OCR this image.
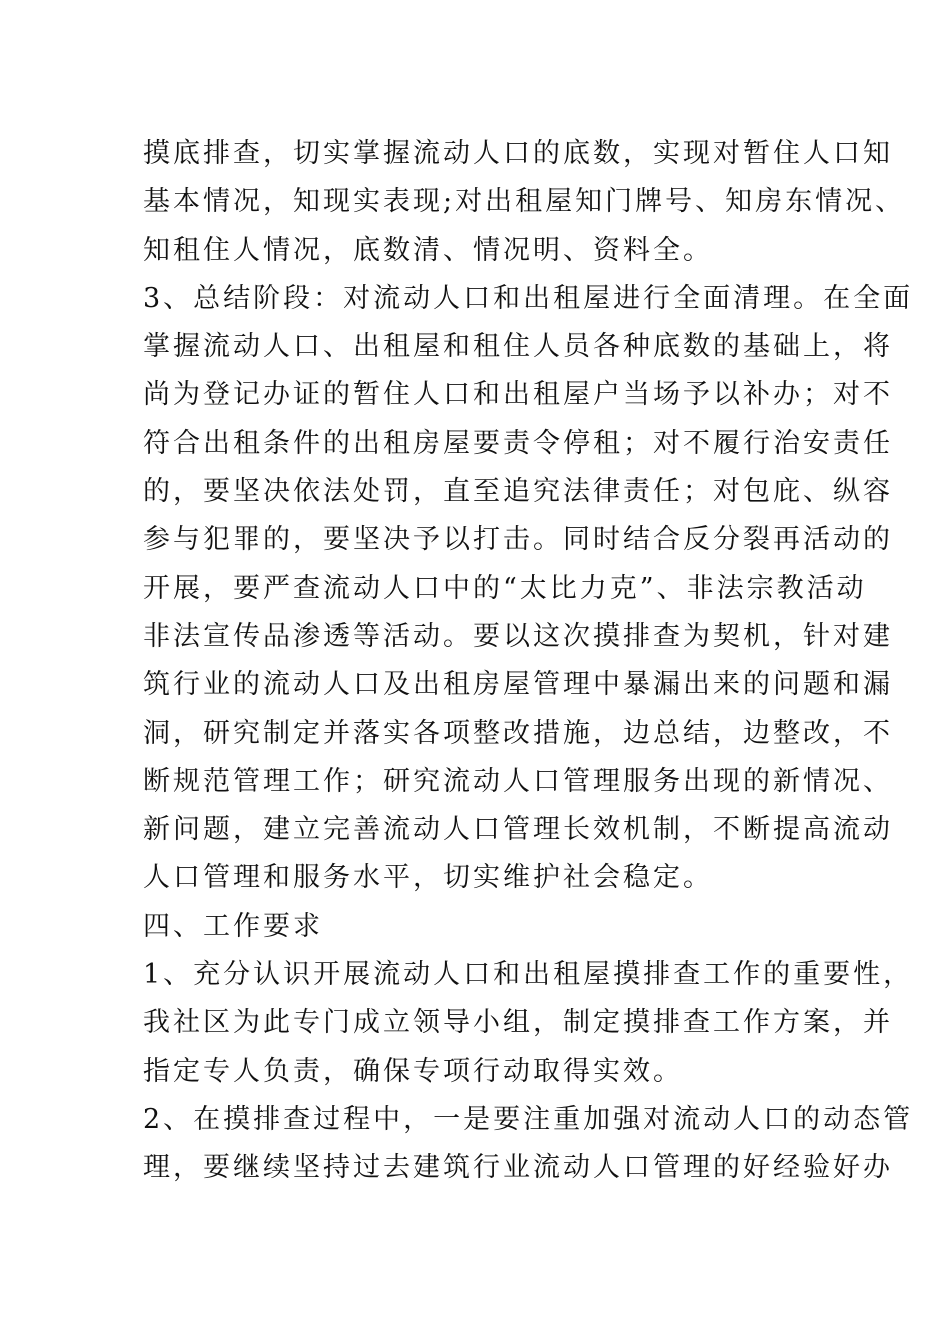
摸底排查，切实掌握流动人口的底数，实现对暂住人口知
基本情况，知现实表现;对出租屋知门牌号、知房东情况、
知租住人情况，底数清、情况明、资料全。
3、总结阶段：对流动人口和出租屋进行全面清理。在全面
掌握流动人口、出租屋和租住人员各种底数的基础上，将
尚为登记办证的暂住人口和出租屋户当场予以补办；对不
符合出租条件的出租房屋要责令停租；对不履行治安责任
的，要坚决依法处罚，直至追究法律责任；对包庇、纵容
参与犯罪的，要坚决予以打击。同时结合反分裂再活动的
开展，要严查流动人口中的“太比力克”、非法宗教活动
非法宣传品渗透等活动。要以这次摸排查为契机，针对建
筑行业的流动人口及出租房屋管理中暴漏出来的问题和漏
洞，研究制定并落实各项整改措施，边总结，边整改，不
断规范管理工作；研究流动人口管理服务出现的新情况、
新问题，建立完善流动人口管理长效机制，不断提高流动
人口管理和服务水平，切实维护社会稳定。
四、工作要求
1、充分认识开展流动人口和出租屋摸排查工作的重要性，
我社区为此专门成立领导小组，制定摸排查工作方案，并
指定专人负责，确保专项行动取得实效。
2、在摸排查过程中，一是要注重加强对流动人口的动态管
理，要继续坚持过去建筑行业流动人口管理的好经验好办
